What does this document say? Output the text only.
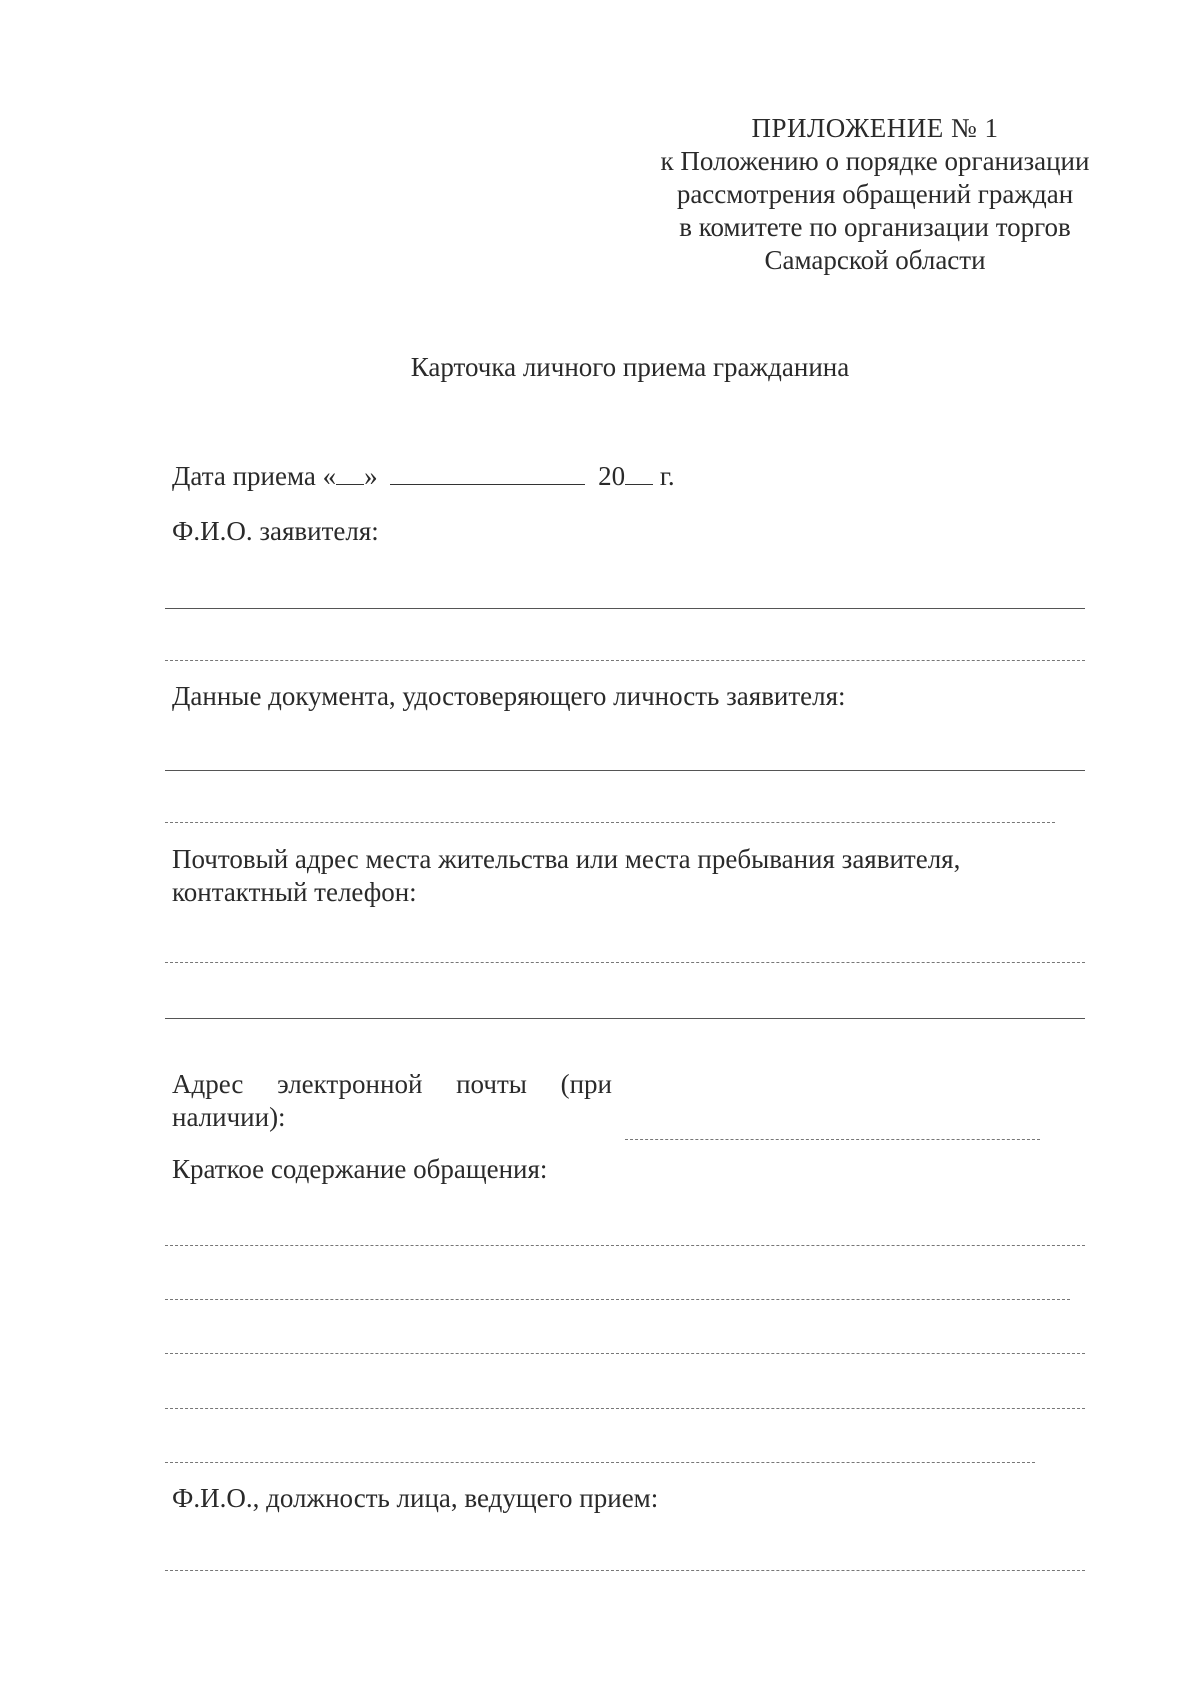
ПРИЛОЖЕНИЕ № 1
к Положению о порядке организации
рассмотрения обращений граждан
в комитете по организации торгов
Самарской области
Карточка личного приема гражданина
Дата приема « »	20 г.
Ф.И.О. заявителя:
Данные документа, удостоверяющего личность заявителя:
Почтовый адрес места жительства или места пребывания заявителя,
контактный телефон:
Адрес электронной почты (при
наличии):
Краткое содержание обращения:
Ф.И.О., должность лица, ведущего прием:
